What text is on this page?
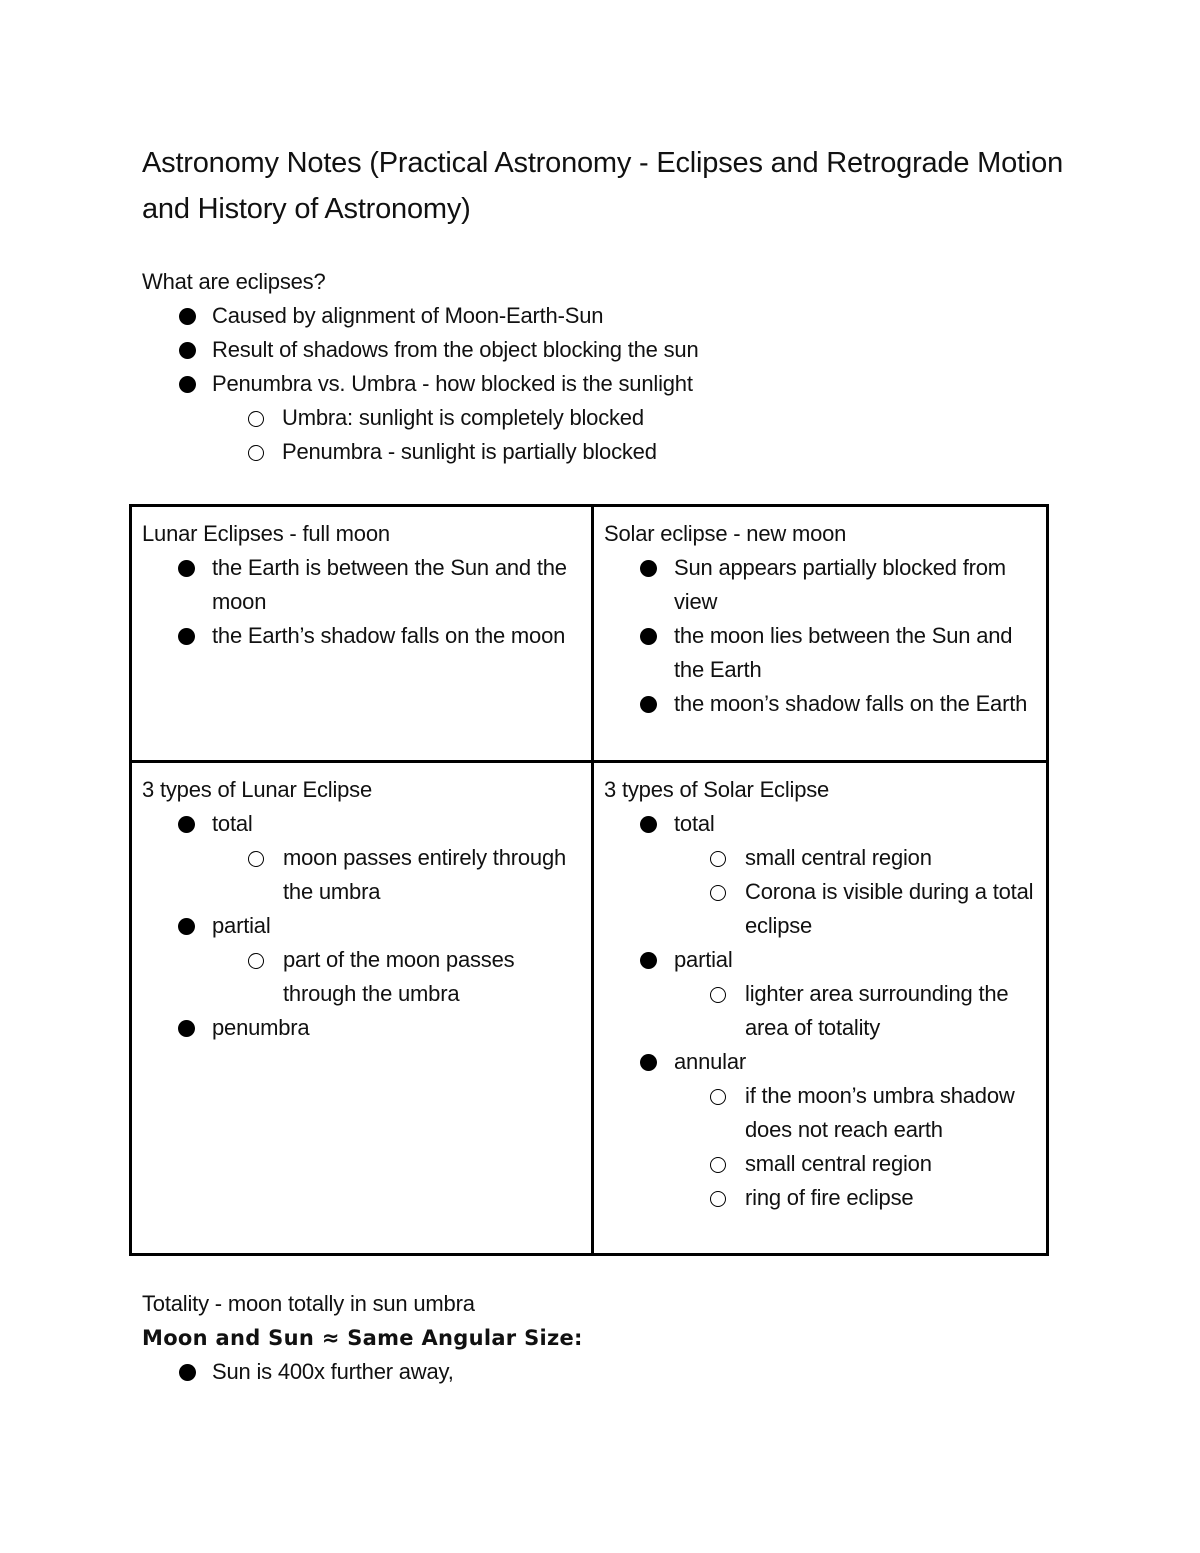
Astronomy Notes (Practical Astronomy - Eclipses and Retrograde Motion and History of Astronomy)
What are eclipses?
Caused by alignment of Moon-Earth-Sun
Result of shadows from the object blocking the sun
Penumbra vs. Umbra - how blocked is the sunlight
Umbra: sunlight is completely blocked
Penumbra - sunlight is partially blocked
Lunar Eclipses - full moon
the Earth is between the Sun and the moon
the Earth’s shadow falls on the moon
Solar eclipse - new moon
Sun appears partially blocked from view
the moon lies between the Sun and the Earth
the moon’s shadow falls on the Earth
3 types of Lunar Eclipse
total
moon passes entirely through the umbra
partial
part of the moon passes through the umbra
penumbra
3 types of Solar Eclipse
total
small central region
Corona is visible during a total eclipse
partial
lighter area surrounding the area of totality
annular
if the moon’s umbra shadow does not reach earth
small central region
ring of fire eclipse
Totality - moon totally in sun umbra
Moon and Sun ≈ Same Angular Size:
Sun is 400x further away,
